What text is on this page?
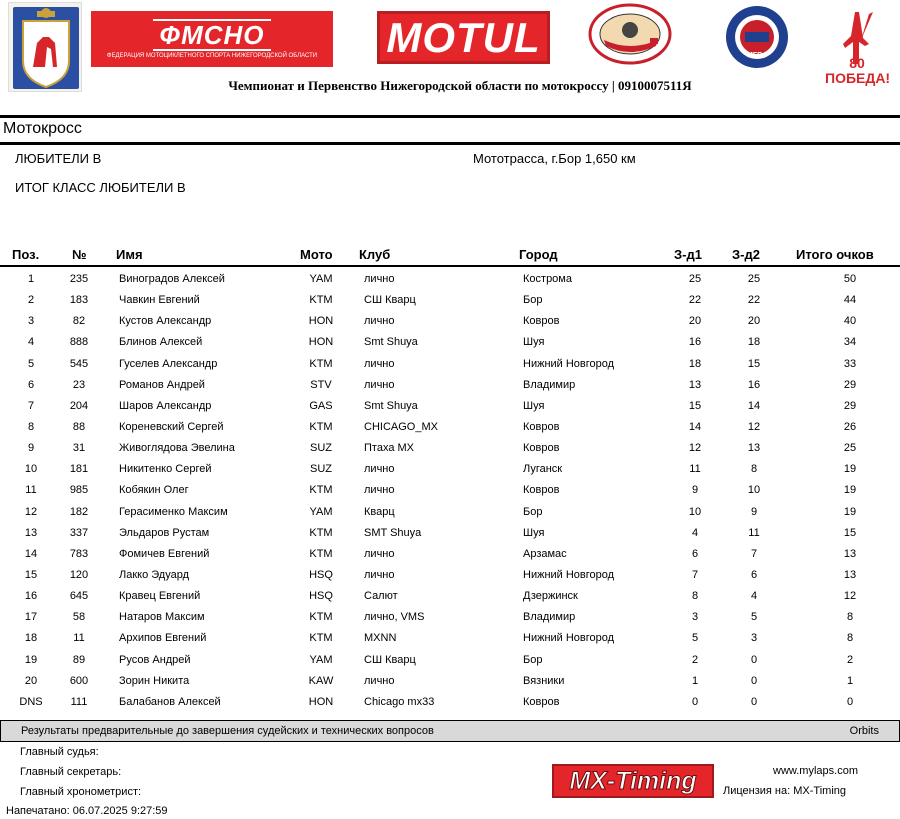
ФМСНО
ФЕДЕРАЦИЯ МОТОЦИКЛЕТНОГО СПОРТА НИЖЕГОРОДСКОЙ ОБЛАСТИ MOTUL	MFR	80 ПОБЕДА!
Чемпионат и Первенство Нижегородской области по мотокроссу | 0910007511Я
Мотокросс
ЛЮБИТЕЛИ В	Мототрасса, г.Бор 1,650 км
ИТОГ КЛАСС ЛЮБИТЕЛИ В
Поз.	№ Имя	Мото Клуб	Город	З-д1 З-д2	Итого очков
1	235	Виноградов Алексей	YAM	лично	Кострома	25	25	50
2	183	Чавкин Евгений	KTM	СШ Кварц	Бор	22	22	44
3	82	Кустов Александр	HON	лично	Ковров	20	20	40
4	888	Блинов Алексей	HON	Smt Shuya	Шуя	16	18	34
5	545	Гуселев Александр	KTM	лично	Нижний Новгород	18	15	33
6	23	Романов Андрей	STV	лично	Владимир	13	16	29
7	204	Шаров Александр	GAS	Smt Shuya	Шуя	15	14	29
8	88	Кореневский Сергей	KTM	CHICAGO_MX	Ковров	14	12	26
9	31	Живоглядова Эвелина	SUZ	Птаха МХ	Ковров	12	13	25
10	181	Никитенко Сергей	SUZ	лично	Луганск	11	8	19
11	985	Кобякин Олег	KTM	лично	Ковров	9	10	19
12	182	Герасименко Максим	YAM	Кварц	Бор	10	9	19
13	337	Эльдаров Рустам	KTM	SMT Shuya	Шуя	4	11	15
14	783	Фомичев Евгений	KTM	лично	Арзамас	6	7	13
15	120	Лакко Эдуард	HSQ	лично	Нижний Новгород	7	6	13
16	645	Кравец Евгений	HSQ	Салют	Дзержинск	8	4	12
17	58	Натаров Максим	KTM	лично, VMS	Владимир	3	5	8
18	11	Архипов Евгений	KTM	MXNN	Нижний Новгород	5	3	8
19	89	Русов Андрей	YAM	СШ Кварц	Бор	2	0	2
20	600	Зорин Никита	KAW	лично	Вязники	1	0	1
DNS	111	Балабанов Алексей	HON	Chicago mx33	Ковров	0	0	0
Результаты предварительные до завершения судейских и технических вопросов	Orbits
Главный судья:
Главный секретарь:
Главный хронометрист:
Напечатано: 06.07.2025 9:27:59
MX-Timing	www.mylaps.com
Лицензия на: MX-Timing
